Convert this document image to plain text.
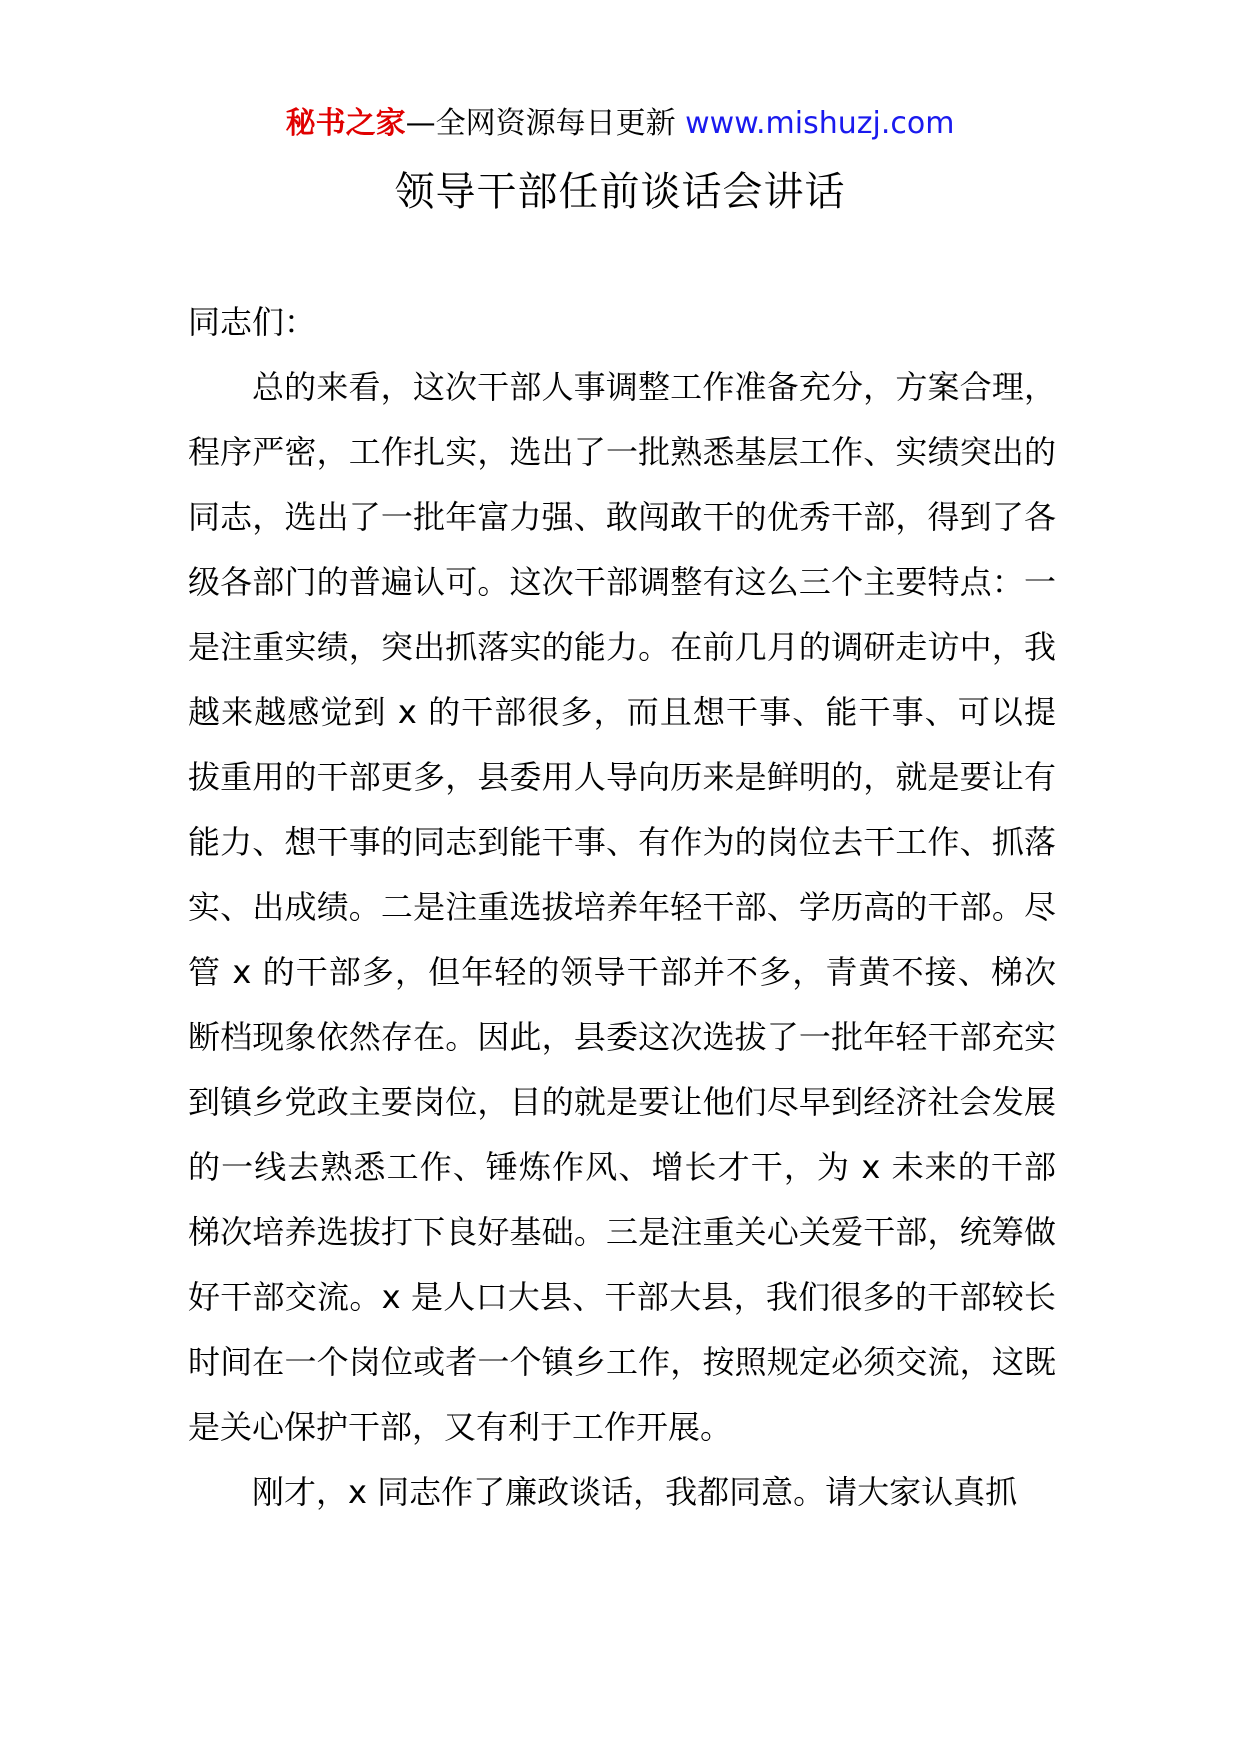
秘书之家—全网资源每日更新 www.mishuzj.com
领导干部任前谈话会讲话

同志们：

总的来看，这次干部人事调整工作准备充分，方案合理，程序严密，工作扎实，选出了一批熟悉基层工作、实绩突出的同志，选出了一批年富力强、敢闯敢干的优秀干部，得到了各级各部门的普遍认可。这次干部调整有这么三个主要特点：一是注重实绩，突出抓落实的能力。在前几月的调研走访中，我越来越感觉到 x 的干部很多，而且想干事、能干事、可以提拔重用的干部更多，县委用人导向历来是鲜明的，就是要让有能力、想干事的同志到能干事、有作为的岗位去干工作、抓落实、出成绩。二是注重选拔培养年轻干部、学历高的干部。尽管 x 的干部多，但年轻的领导干部并不多，青黄不接、梯次断档现象依然存在。因此，县委这次选拔了一批年轻干部充实到镇乡党政主要岗位，目的就是要让他们尽早到经济社会发展的一线去熟悉工作、锤炼作风、增长才干，为 x 未来的干部梯次培养选拔打下良好基础。三是注重关心关爱干部，统筹做好干部交流。x 是人口大县、干部大县，我们很多的干部较长时间在一个岗位或者一个镇乡工作，按照规定必须交流，这既是关心保护干部，又有利于工作开展。

刚才，x 同志作了廉政谈话，我都同意。请大家认真抓
